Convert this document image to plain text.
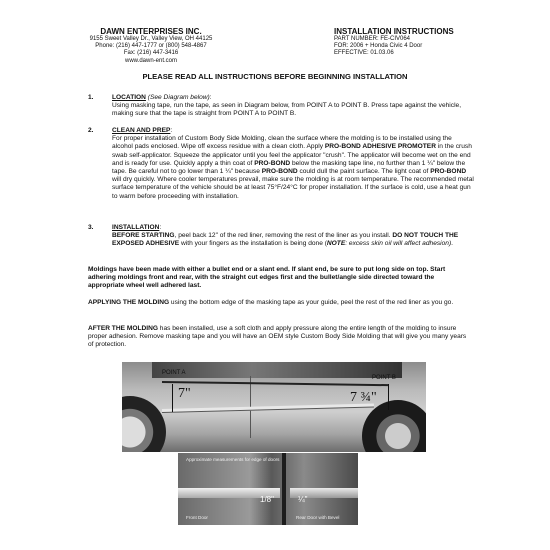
DAWN ENTERPRISES INC.
9155 Sweet Valley Dr., Valley View, OH 44125
Phone: (216) 447-1777 or (800) 548-4867
Fax: (216) 447-3416
www.dawn-ent.com
INSTALLATION INSTRUCTIONS
PART NUMBER: FE-CIV064
FOR: 2006 + Honda Civic 4 Door
EFFECTIVE: 01.03.06
PLEASE READ ALL INSTRUCTIONS BEFORE BEGINNING INSTALLATION
1.	LOCATION (See Diagram below):
Using masking tape, run the tape, as seen in Diagram below, from POINT A to POINT B. Press tape against the vehicle, making sure that the tape is straight from POINT A to POINT B.
2.	CLEAN AND PREP:
For proper installation of Custom Body Side Molding, clean the surface where the molding is to be installed using the alcohol pads enclosed. Wipe off excess residue with a clean cloth. Apply PRO-BOND ADHESIVE PROMOTER in the crush swab self-applicator. Squeeze the applicator until you feel the applicator "crush". The applicator will become wet on the end and is ready for use. Quickly apply a thin coat of PRO-BOND below the masking tape line, no further than 1 ¼" below the tape. Be careful not to go lower than 1 ¼" because PRO-BOND could dull the paint surface. The light coat of PRO-BOND will dry quickly. Where cooler temperatures prevail, make sure the molding is at room temperature. The recommended metal surface temperature of the vehicle should be at least 75°F/24°C for proper installation. If the surface is cold, use a heat gun to warm before proceeding with installation.
3.	INSTALLATION:
BEFORE STARTING, peel back 12" of the red liner, removing the rest of the liner as you install. DO NOT TOUCH THE EXPOSED ADHESIVE with your fingers as the installation is being done (NOTE: excess skin oil will affect adhesion).
Moldings have been made with either a bullet end or a slant end. If slant end, be sure to put long side on top. Start adhering moldings front and rear, with the straight cut edges first and the bullet/angle side directed toward the appropriate wheel well adhered last.
APPLYING THE MOLDING using the bottom edge of the masking tape as your guide, peel the rest of the red liner as you go.
AFTER THE MOLDING has been installed, use a soft cloth and apply pressure along the entire length of the molding to insure proper adhesion. Remove masking tape and you will have an OEM style Custom Body Side Molding that will give you many years of protection.
POINT A
POINT B
7"	7 ¾"
Approximate measurements for edge of doors
1/8"	¼"
Front Door	Rear Door with Bevel
